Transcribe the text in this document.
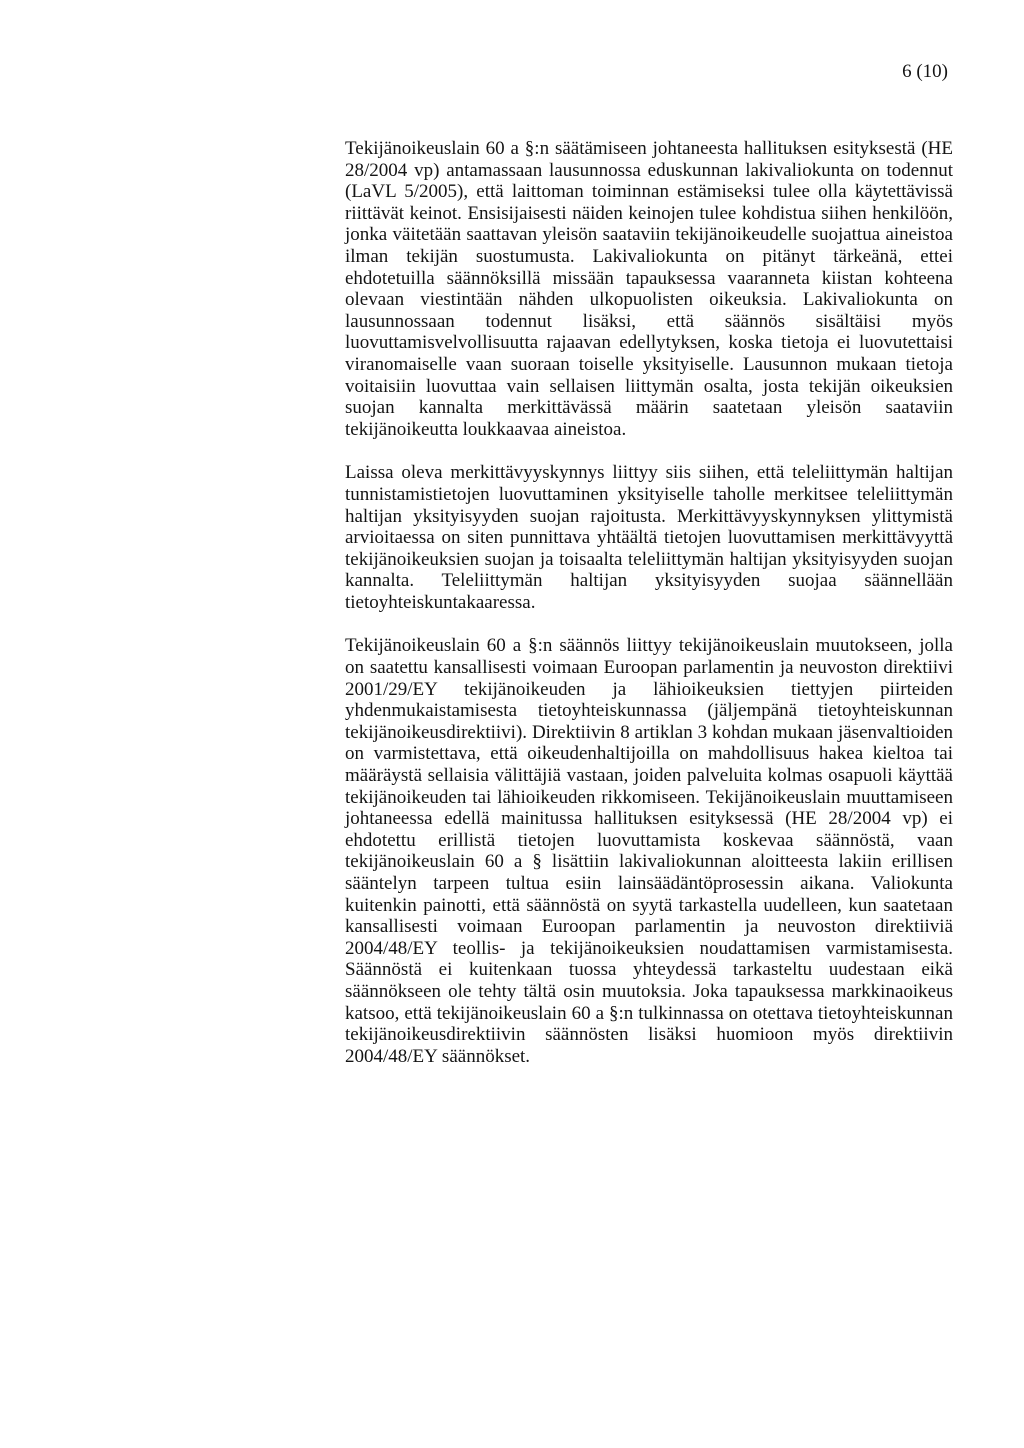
6 (10)

Tekijänoikeuslain 60 a §:n säätämiseen johtaneesta hallituksen esityksestä (HE 28/2004 vp) antamassaan lausunnossa eduskunnan lakivaliokunta on todennut (LaVL 5/2005), että laittoman toiminnan estämiseksi tulee olla käytettävissä riittävät keinot. Ensisijaisesti näiden keinojen tulee kohdistua siihen henkilöön, jonka väitetään saattavan yleisön saataviin tekijänoikeudelle suojattua aineistoa ilman tekijän suostumusta. Lakivaliokunta on pitänyt tärkeänä, ettei ehdotetuilla säännöksillä missään tapauksessa vaaranneta kiistan kohteena olevaan viestintään nähden ulkopuolisten oikeuksia. Lakivaliokunta on lausunnossaan todennut lisäksi, että säännös sisältäisi myös luovuttamisvelvollisuutta rajaavan edellytyksen, koska tietoja ei luovutettaisi viranomaiselle vaan suoraan toiselle yksityiselle. Lausunnon mukaan tietoja voitaisiin luovuttaa vain sellaisen liittymän osalta, josta tekijän oikeuksien suojan kannalta merkittävässä määrin saatetaan yleisön saataviin tekijänoikeutta loukkaavaa aineistoa.

Laissa oleva merkittävyyskynnys liittyy siis siihen, että teleliittymän haltijan tunnistamistietojen luovuttaminen yksityiselle taholle merkitsee teleliittymän haltijan yksityisyyden suojan rajoitusta. Merkittävyyskynnyksen ylittymistä arvioitaessa on siten punnittava yhtäältä tietojen luovuttamisen merkittävyyttä tekijänoikeuksien suojan ja toisaalta teleliittymän haltijan yksityisyyden suojan kannalta. Teleliittymän haltijan yksityisyyden suojaa säännellään tietoyhteiskuntakaaressa.

Tekijänoikeuslain 60 a §:n säännös liittyy tekijänoikeuslain muutokseen, jolla on saatettu kansallisesti voimaan Euroopan parlamentin ja neuvoston direktiivi 2001/29/EY tekijänoikeuden ja lähioikeuksien tiettyjen piirteiden yhdenmukaistamisesta tietoyhteiskunnassa (jäljempänä tietoyhteiskunnan tekijänoikeusdirektiivi). Direktiivin 8 artiklan 3 kohdan mukaan jäsenvaltioiden on varmistettava, että oikeudenhaltijoilla on mahdollisuus hakea kieltoa tai määräystä sellaisia välittäjiä vastaan, joiden palveluita kolmas osapuoli käyttää tekijänoikeuden tai lähioikeuden rikkomiseen. Tekijänoikeuslain muuttamiseen johtaneessa edellä mainitussa hallituksen esityksessä (HE 28/2004 vp) ei ehdotettu erillistä tietojen luovuttamista koskevaa säännöstä, vaan tekijänoikeuslain 60 a § lisättiin lakivaliokunnan aloitteesta lakiin erillisen sääntelyn tarpeen tultua esiin lainsäädäntöprosessin aikana. Valiokunta kuitenkin painotti, että säännöstä on syytä tarkastella uudelleen, kun saatetaan kansallisesti voimaan Euroopan parlamentin ja neuvoston direktiiviä 2004/48/EY teollis- ja tekijänoikeuksien noudattamisen varmistamisesta. Säännöstä ei kuitenkaan tuossa yhteydessä tarkasteltu uudestaan eikä säännökseen ole tehty tältä osin muutoksia. Joka tapauksessa markkinaoikeus katsoo, että tekijänoikeuslain 60 a §:n tulkinnassa on otettava tietoyhteiskunnan tekijänoikeusdirektiivin säännösten lisäksi huomioon myös direktiivin 2004/48/EY säännökset.
